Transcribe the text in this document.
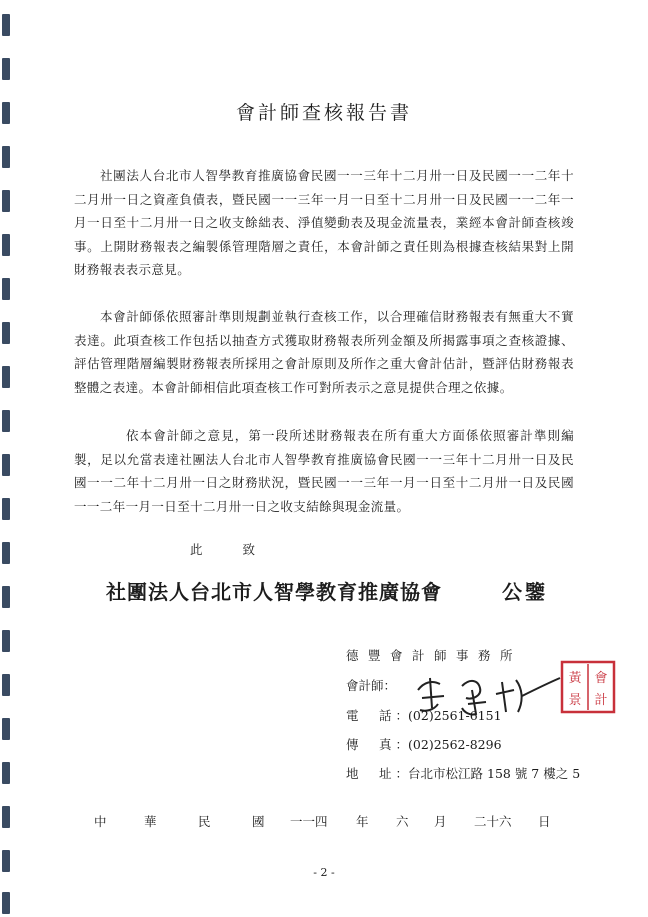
會計師查核報告書

社團法人台北市人智學教育推廣協會民國一一三年十二月卅一日及民國一一二年十二月卅一日之資產負債表，暨民國一一三年一月一日至十二月卅一日及民國一一二年一月一日至十二月卅一日之收支餘絀表、淨值變動表及現金流量表，業經本會計師查核竣事。上開財務報表之編製係管理階層之責任，本會計師之責任則為根據查核結果對上開財務報表表示意見。

本會計師係依照審計準則規劃並執行查核工作，以合理確信財務報表有無重大不實表達。此項查核工作包括以抽查方式獲取財務報表所列金額及所揭露事項之查核證據、評估管理階層編製財務報表所採用之會計原則及所作之重大會計估計，暨評估財務報表整體之表達。本會計師相信此項查核工作可對所表示之意見提供合理之依據。

依本會計師之意見，第一段所述財務報表在所有重大方面係依照審計準則編製，足以允當表達社團法人台北市人智學教育推廣協會民國一一三年十二月卅一日及民國一一二年十二月卅一日之財務狀況，暨民國一一三年一月一日至十二月卅一日及民國一一二年一月一日至十二月卅一日之收支結餘與現金流量。

此	致
社團法人台北市人智學教育推廣協會	公鑒
德豐會計師事務所
會計師：	黃
景
會
計
電　話：(02)2561-6151
傳　真：(02)2562-8296
地　址：台北市松江路 158 號 7 樓之 5
中	華	民	國 一一四 年 六 月 二十六 日
- 2 -
